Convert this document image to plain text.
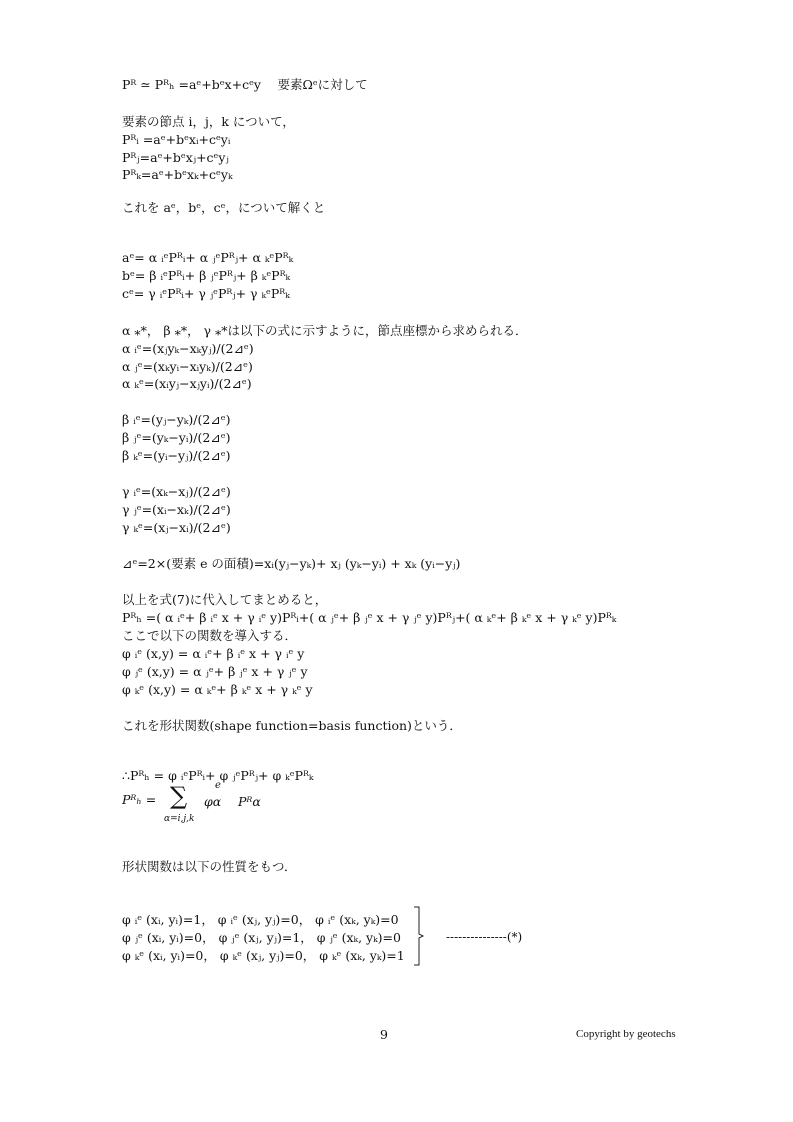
Pᴿ ≃ Pᴿₕ =aᵉ+bᵉx+cᵉy　 要素Ωᵉに対して
要素の節点 i，j，k について，
Pᴿᵢ =aᵉ+bᵉxᵢ+cᵉyᵢ
Pᴿⱼ=aᵉ+bᵉxⱼ+cᵉyⱼ
Pᴿₖ=aᵉ+bᵉxₖ+cᵉyₖ
これを aᵉ，bᵉ，cᵉ，について解くと
aᵉ= α ᵢᵉPᴿᵢ+ α ⱼᵉPᴿⱼ+ α ₖᵉPᴿₖ
bᵉ= β ᵢᵉPᴿᵢ+ β ⱼᵉPᴿⱼ+ β ₖᵉPᴿₖ
cᵉ= γ ᵢᵉPᴿᵢ+ γ ⱼᵉPᴿⱼ+ γ ₖᵉPᴿₖ
α ⁎*， β ⁎*， γ ⁎*は以下の式に示すように，節点座標から求められる．
α ᵢᵉ=(xⱼyₖ−xₖyⱼ)/(2⊿ᵉ)
α ⱼᵉ=(xₖyᵢ−xᵢyₖ)/(2⊿ᵉ)
α ₖᵉ=(xᵢyⱼ−xⱼyᵢ)/(2⊿ᵉ)
β ᵢᵉ=(yⱼ−yₖ)/(2⊿ᵉ)
β ⱼᵉ=(yₖ−yᵢ)/(2⊿ᵉ)
β ₖᵉ=(yᵢ−yⱼ)/(2⊿ᵉ)
γ ᵢᵉ=(xₖ−xⱼ)/(2⊿ᵉ)
γ ⱼᵉ=(xᵢ−xₖ)/(2⊿ᵉ)
γ ₖᵉ=(xⱼ−xᵢ)/(2⊿ᵉ)
⊿ᵉ=2×(要素 e の面積)=xᵢ(yⱼ−yₖ)+ xⱼ (yₖ−yᵢ) + xₖ (yᵢ−yⱼ)
以上を式(7)に代入してまとめると，
Pᴿₕ =( α ᵢᵉ+ β ᵢᵉ x + γ ᵢᵉ y)Pᴿᵢ+( α ⱼᵉ+ β ⱼᵉ x + γ ⱼᵉ y)Pᴿⱼ+( α ₖᵉ+ β ₖᵉ x + γ ₖᵉ y)Pᴿₖ
ここで以下の関数を導入する．
φ ᵢᵉ (x,y) = α ᵢᵉ+ β ᵢᵉ x + γ ᵢᵉ y
φ ⱼᵉ (x,y) = α ⱼᵉ+ β ⱼᵉ x + γ ⱼᵉ y
φ ₖᵉ (x,y) = α ₖᵉ+ β ₖᵉ x + γ ₖᵉ y
これを形状関数(shape function=basis function)という．
∴Pᴿₕ = φ ᵢᵉPᴿᵢ+ φ ⱼᵉPᴿⱼ+ φ ₖᵉPᴿₖ
Pᴿₕ = ∑
α=i,j,k
e
φα Pᴿα
形状関数は以下の性質をもつ．
φ ᵢᵉ (xᵢ, yᵢ)=1， φ ᵢᵉ (xⱼ, yⱼ)=0， φ ᵢᵉ (xₖ, yₖ)=0
φ ⱼᵉ (xᵢ, yᵢ)=0， φ ⱼᵉ (xⱼ, yⱼ)=1， φ ⱼᵉ (xₖ, yₖ)=0
φ ₖᵉ (xᵢ, yᵢ)=0， φ ₖᵉ (xⱼ, yⱼ)=0， φ ₖᵉ (xₖ, yₖ)=1
---------------(*)
9	Copyright by geotechs
